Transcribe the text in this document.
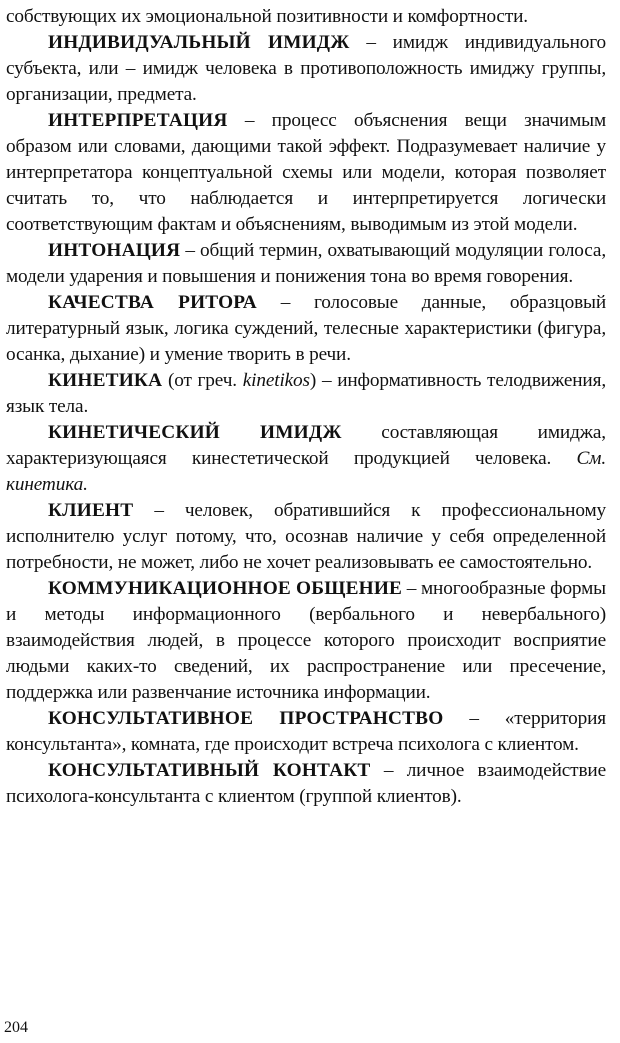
собствующих их эмоциональной позитивности и комфортности.

ИНДИВИДУАЛЬНЫЙ ИМИДЖ – имидж индивидуального субъекта, или – имидж человека в противоположность имиджу группы, организации, предмета.

ИНТЕРПРЕТАЦИЯ – процесс объяснения вещи значимым образом или словами, дающими такой эффект. Подразумевает наличие у интерпретатора концептуальной схемы или модели, которая позволяет считать то, что наблюдается и интерпретируется логически соответствующим фактам и объяснениям, выводимым из этой модели.

ИНТОНАЦИЯ – общий термин, охватывающий модуляции голоса, модели ударения и повышения и понижения тона во время говорения.

КАЧЕСТВА РИТОРА – голосовые данные, образцовый литературный язык, логика суждений, телесные характеристики (фигура, осанка, дыхание) и умение творить в речи.

КИНЕТИКА (от греч. kinetikos) – информативность телодвижения, язык тела.

КИНЕТИЧЕСКИЙ ИМИДЖ составляющая имиджа, характеризующаяся кинестетической продукцией человека. См. кинетика.

КЛИЕНТ – человек, обратившийся к профессиональному исполнителю услуг потому, что, осознав наличие у себя определенной потребности, не может, либо не хочет реализовывать ее самостоятельно.

КОММУНИКАЦИОННОЕ ОБЩЕНИЕ – многообразные формы и методы информационного (вербального и невербального) взаимодействия людей, в процессе которого происходит восприятие людьми каких-то сведений, их распространение или пресечение, поддержка или развенчание источника информации.

КОНСУЛЬТАТИВНОЕ ПРОСТРАНСТВО – «территория консультанта», комната, где происходит встреча психолога с клиентом.

КОНСУЛЬТАТИВНЫЙ КОНТАКТ – личное взаимодействие психолога-консультанта с клиентом (группой клиентов).

204
